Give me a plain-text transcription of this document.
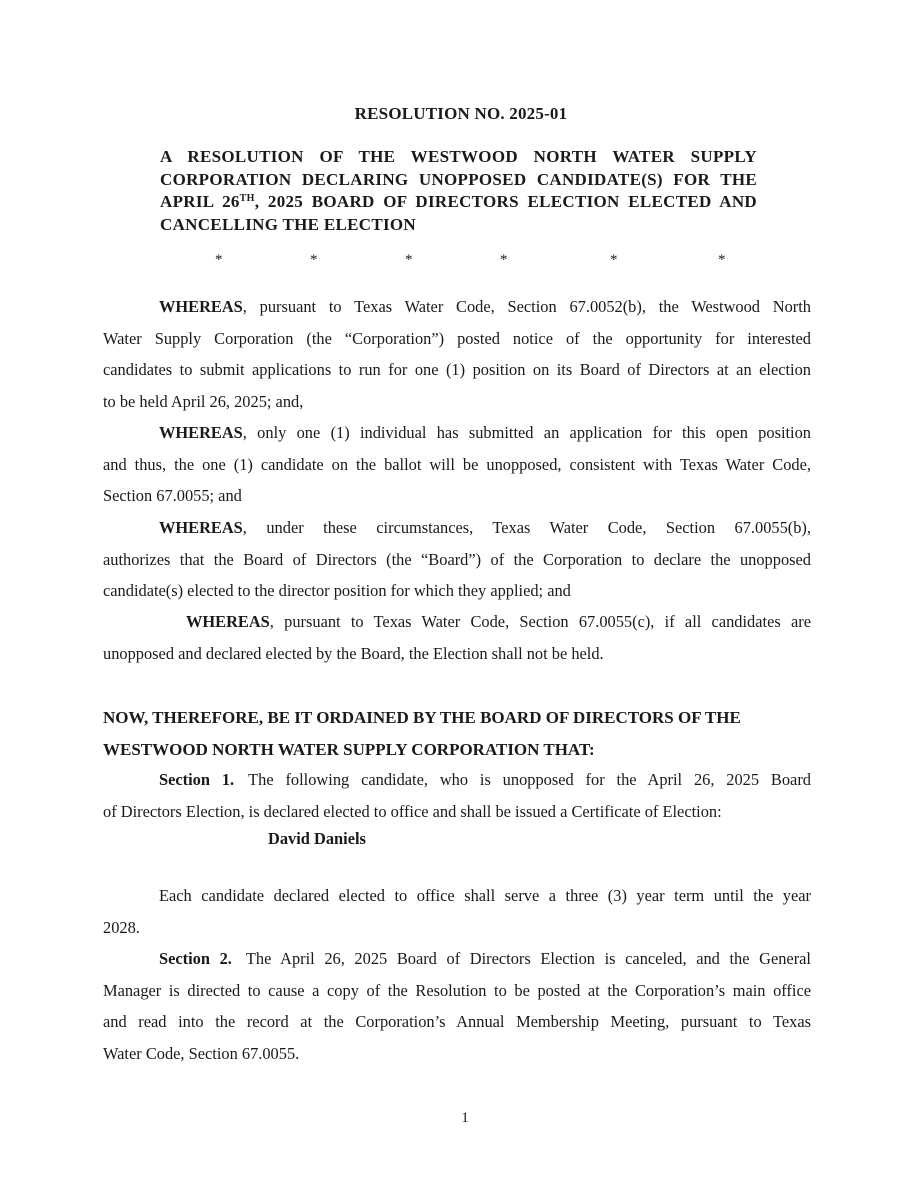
RESOLUTION NO. 2025-01
A RESOLUTION OF THE WESTWOOD NORTH WATER SUPPLY
CORPORATION DECLARING UNOPPOSED CANDIDATE(S) FOR THE
APRIL 26TH, 2025 BOARD OF DIRECTORS ELECTION ELECTED AND
CANCELLING THE ELECTION
*	*	*	*	*	*
WHEREAS, pursuant to Texas Water Code, Section 67.0052(b), the Westwood North
Water Supply Corporation (the “Corporation”) posted notice of the opportunity for interested
candidates to submit applications to run for one (1) position on its Board of Directors at an election
to be held April 26, 2025; and,
WHEREAS, only one (1) individual has submitted an application for this open position
and thus, the one (1) candidate on the ballot will be unopposed, consistent with Texas Water Code,
Section 67.0055; and
WHEREAS, under these circumstances, Texas Water Code, Section 67.0055(b),
authorizes that the Board of Directors (the “Board”) of the Corporation to declare the unopposed
candidate(s) elected to the director position for which they applied; and
WHEREAS, pursuant to Texas Water Code, Section 67.0055(c), if all candidates are
unopposed and declared elected by the Board, the Election shall not be held.
NOW, THEREFORE, BE IT ORDAINED BY THE BOARD OF DIRECTORS OF THE
WESTWOOD NORTH WATER SUPPLY CORPORATION THAT:
Section 1. The following candidate, who is unopposed for the April 26, 2025 Board
of Directors Election, is declared elected to office and shall be issued a Certificate of Election:
David Daniels
Each candidate declared elected to office shall serve a three (3) year term until the year
2028.
Section 2. The April 26, 2025 Board of Directors Election is canceled, and the General
Manager is directed to cause a copy of the Resolution to be posted at the Corporation’s main office
and read into the record at the Corporation’s Annual Membership Meeting, pursuant to Texas
Water Code, Section 67.0055.
1
